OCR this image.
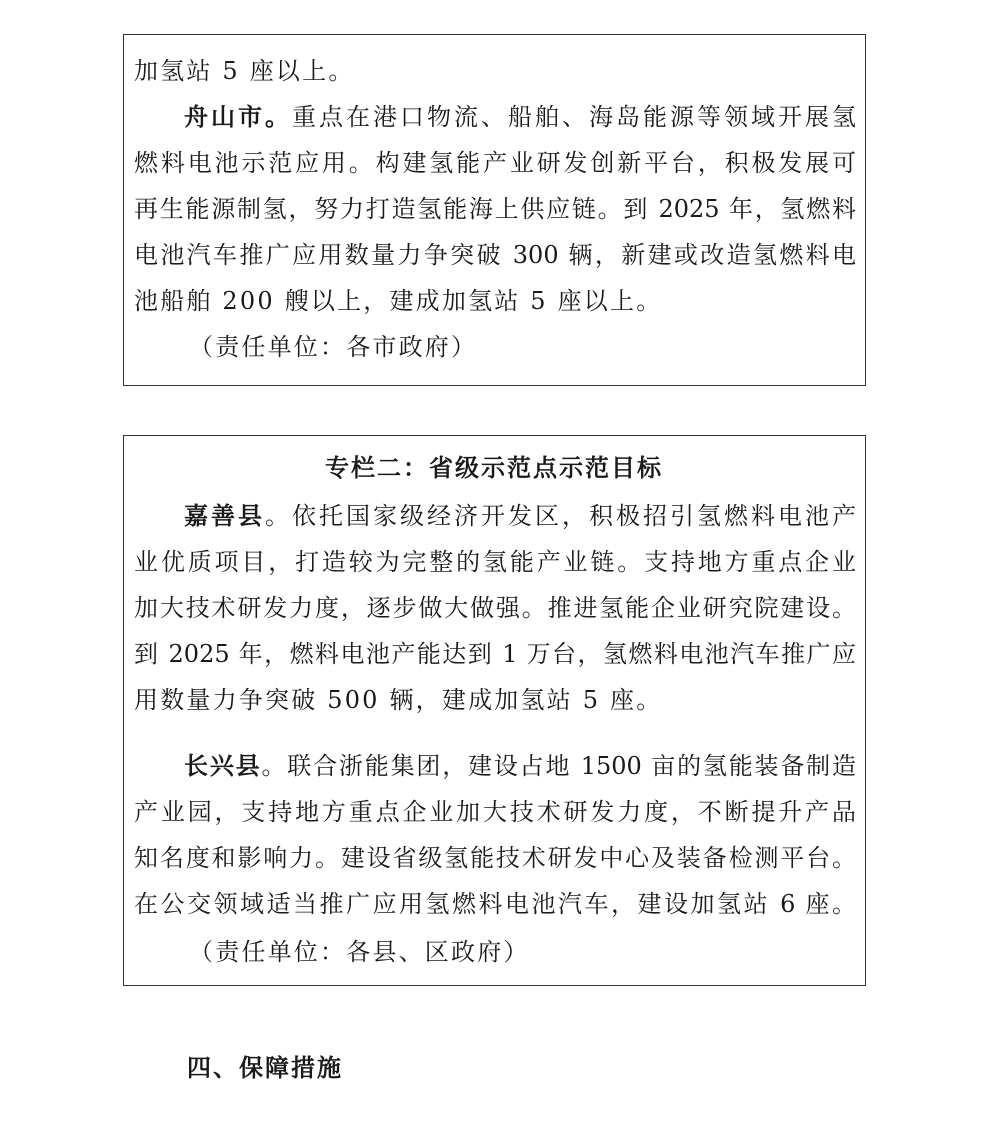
加氢站 5 座以上。
舟山市。重点在港口物流、船舶、海岛能源等领域开展氢
燃料电池示范应用。构建氢能产业研发创新平台，积极发展可
再生能源制氢，努力打造氢能海上供应链。到 2025 年，氢燃料
电池汽车推广应用数量力争突破 300 辆，新建或改造氢燃料电
池船舶 200 艘以上，建成加氢站 5 座以上。
（责任单位：各市政府）
专栏二：省级示范点示范目标
嘉善县。依托国家级经济开发区，积极招引氢燃料电池产
业优质项目，打造较为完整的氢能产业链。支持地方重点企业
加大技术研发力度，逐步做大做强。推进氢能企业研究院建设。
到 2025 年，燃料电池产能达到 1 万台，氢燃料电池汽车推广应
用数量力争突破 500 辆，建成加氢站 5 座。
长兴县。联合浙能集团，建设占地 1500 亩的氢能装备制造
产业园，支持地方重点企业加大技术研发力度，不断提升产品
知名度和影响力。建设省级氢能技术研发中心及装备检测平台。
在公交领域适当推广应用氢燃料电池汽车，建设加氢站 6 座。
（责任单位：各县、区政府）
四、保障措施
